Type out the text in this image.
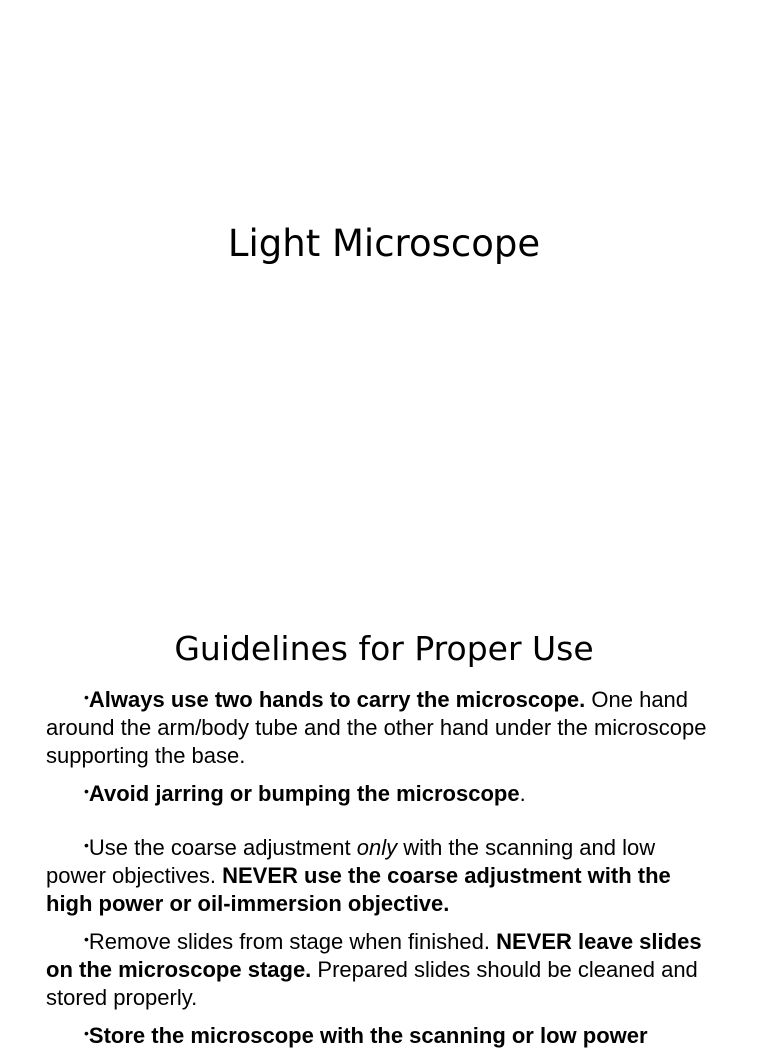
Light Microscope
Guidelines for Proper Use

•Always use two hands to carry the microscope. One hand around the arm/body tube and the other hand under the microscope supporting the base.

•Avoid jarring or bumping the microscope.

•Use the coarse adjustment only with the scanning and low power objectives. NEVER use the coarse adjustment with the high power or oil-immersion objective.

•Remove slides from stage when finished. NEVER leave slides on the microscope stage. Prepared slides should be cleaned and stored properly.

•Store the microscope with the scanning or low power
